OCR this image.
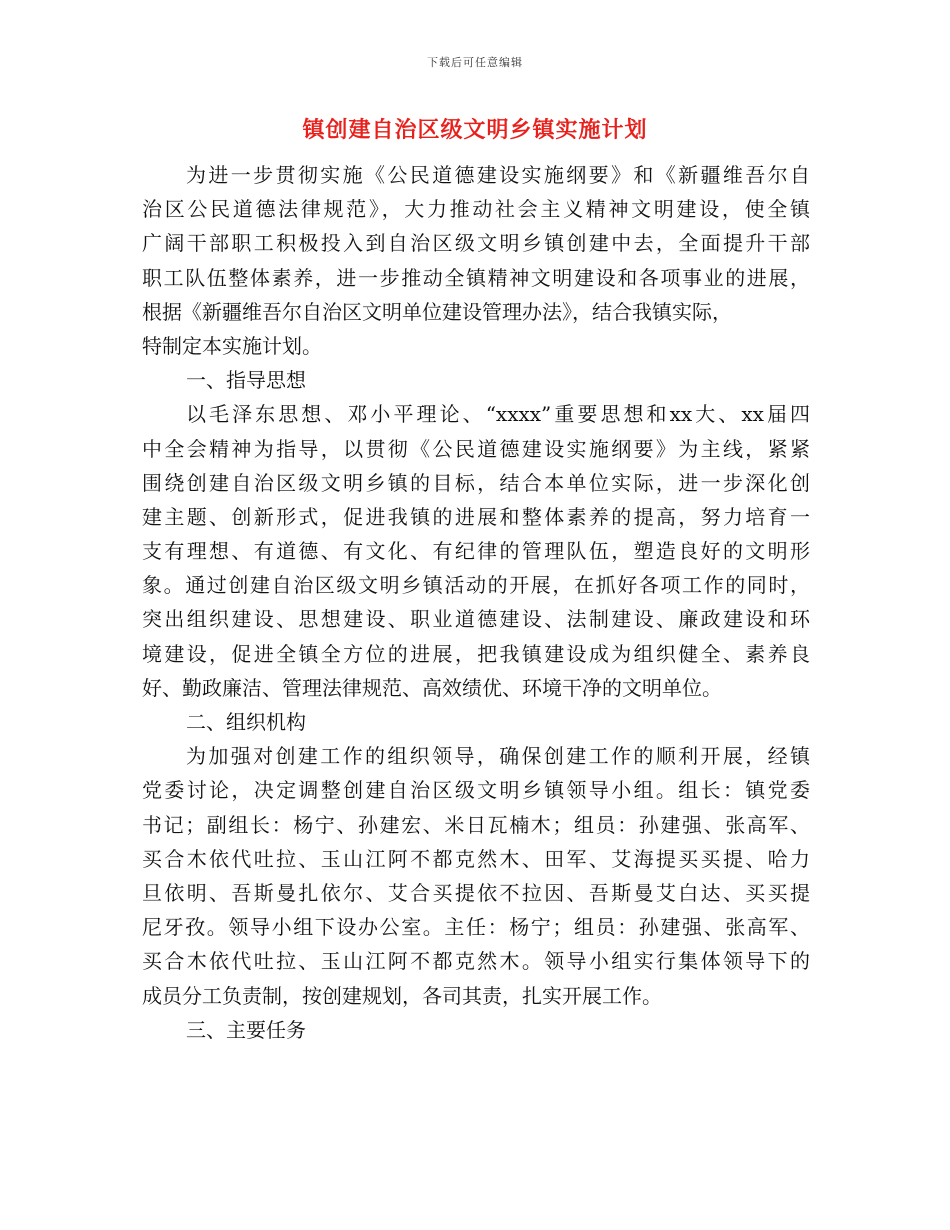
下载后可任意编辑
镇创建自治区级文明乡镇实施计划
为进一步贯彻实施《公民道德建设实施纲要》和《新疆维吾尔自
治区公民道德法律规范》，大力推动社会主义精神文明建设，使全镇
广阔干部职工积极投入到自治区级文明乡镇创建中去，全面提升干部
职工队伍整体素养，进一步推动全镇精神文明建设和各项事业的进展，
根据《新疆维吾尔自治区文明单位建设管理办法》，结合我镇实际，
特制定本实施计划。
一、指导思想
以毛泽东思想、邓小平理论、“xxxx”重要思想和xx大、xx届四
中全会精神为指导，以贯彻《公民道德建设实施纲要》为主线，紧紧
围绕创建自治区级文明乡镇的目标，结合本单位实际，进一步深化创
建主题、创新形式，促进我镇的进展和整体素养的提高，努力培育一
支有理想、有道德、有文化、有纪律的管理队伍，塑造良好的文明形
象。通过创建自治区级文明乡镇活动的开展，在抓好各项工作的同时，
突出组织建设、思想建设、职业道德建设、法制建设、廉政建设和环
境建设，促进全镇全方位的进展，把我镇建设成为组织健全、素养良
好、勤政廉洁、管理法律规范、高效绩优、环境干净的文明单位。
二、组织机构
为加强对创建工作的组织领导，确保创建工作的顺利开展，经镇
党委讨论，决定调整创建自治区级文明乡镇领导小组。组长：镇党委
书记；副组长：杨宁、孙建宏、米日瓦楠木；组员：孙建强、张高军、
买合木依代吐拉、玉山江阿不都克然木、田军、艾海提买买提、哈力
旦依明、吾斯曼扎依尔、艾合买提依不拉因、吾斯曼艾白达、买买提
尼牙孜。领导小组下设办公室。主任：杨宁；组员：孙建强、张高军、
买合木依代吐拉、玉山江阿不都克然木。领导小组实行集体领导下的
成员分工负责制，按创建规划，各司其责，扎实开展工作。
三、主要任务
